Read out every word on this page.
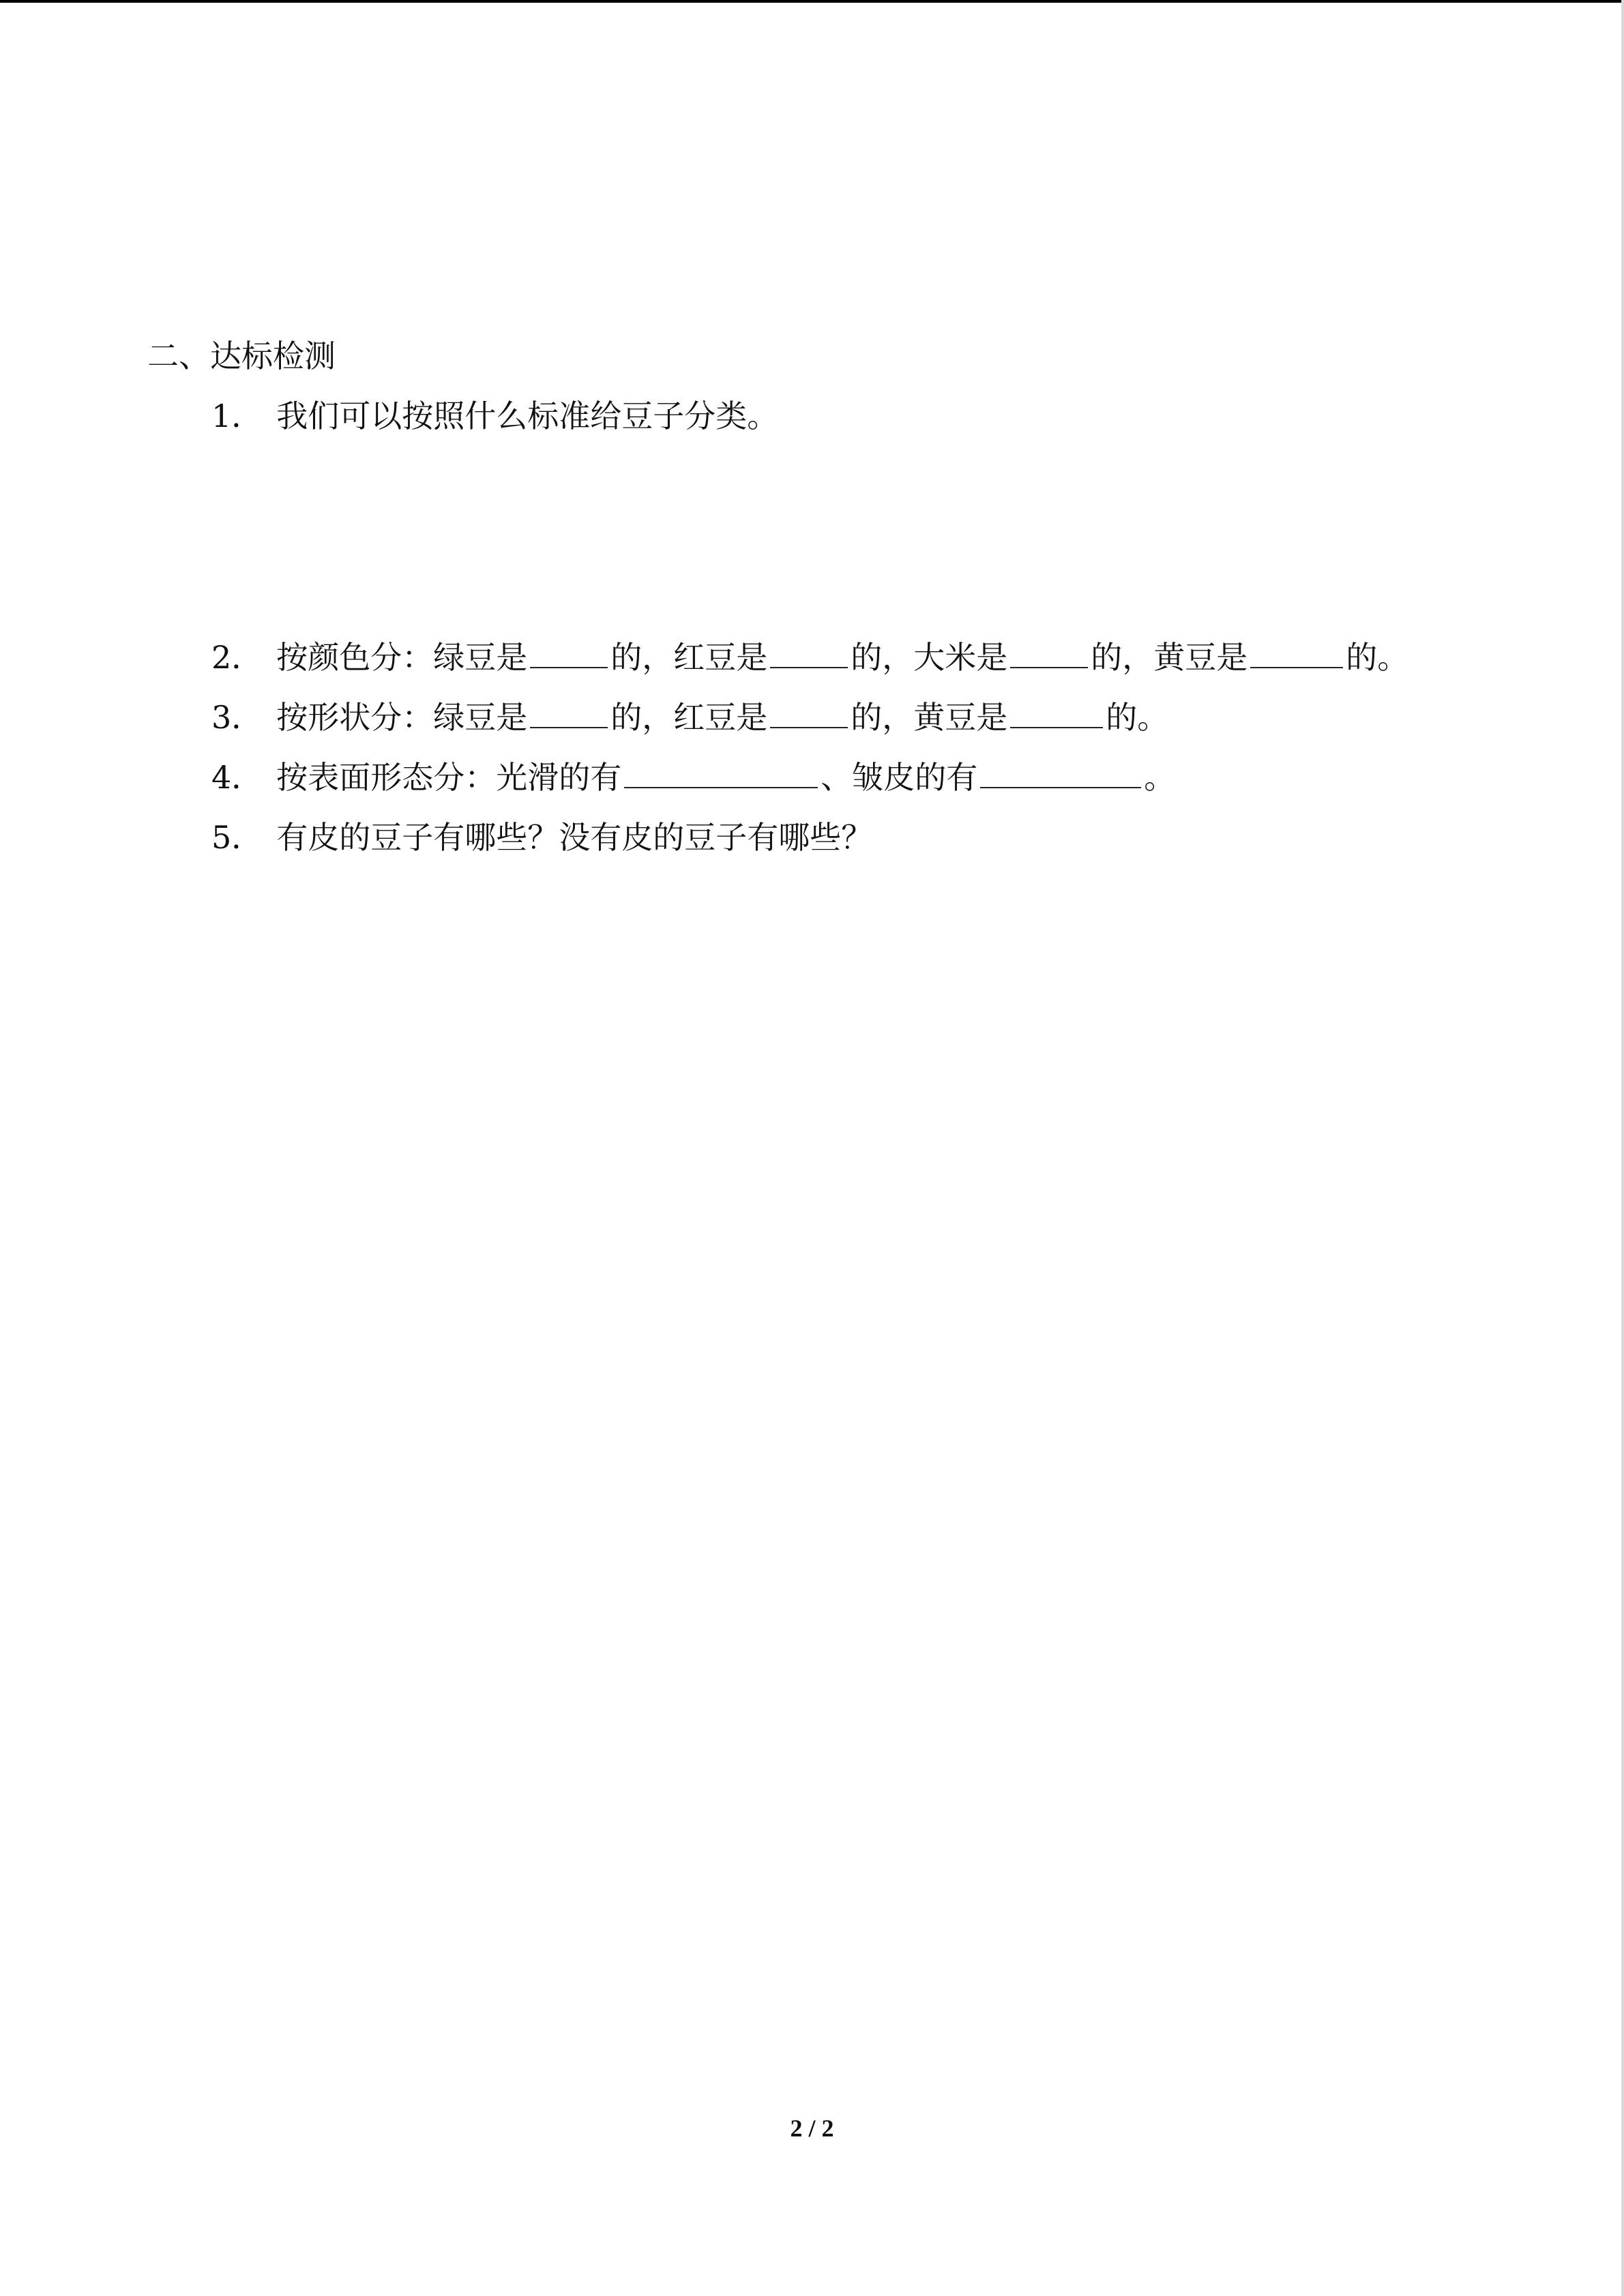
二、达标检测
1． 我们可以按照什么标准给豆子分类。
2． 按颜色分：绿豆是	的，红豆是	的，大米是	的，黄豆是	的。
3． 按形状分：绿豆是	的，红豆是	的，黄豆是	的。
4． 按表面形态分：光滑的有	、皱皮的有	。
5． 有皮的豆子有哪些？没有皮的豆子有哪些？
2 / 2
